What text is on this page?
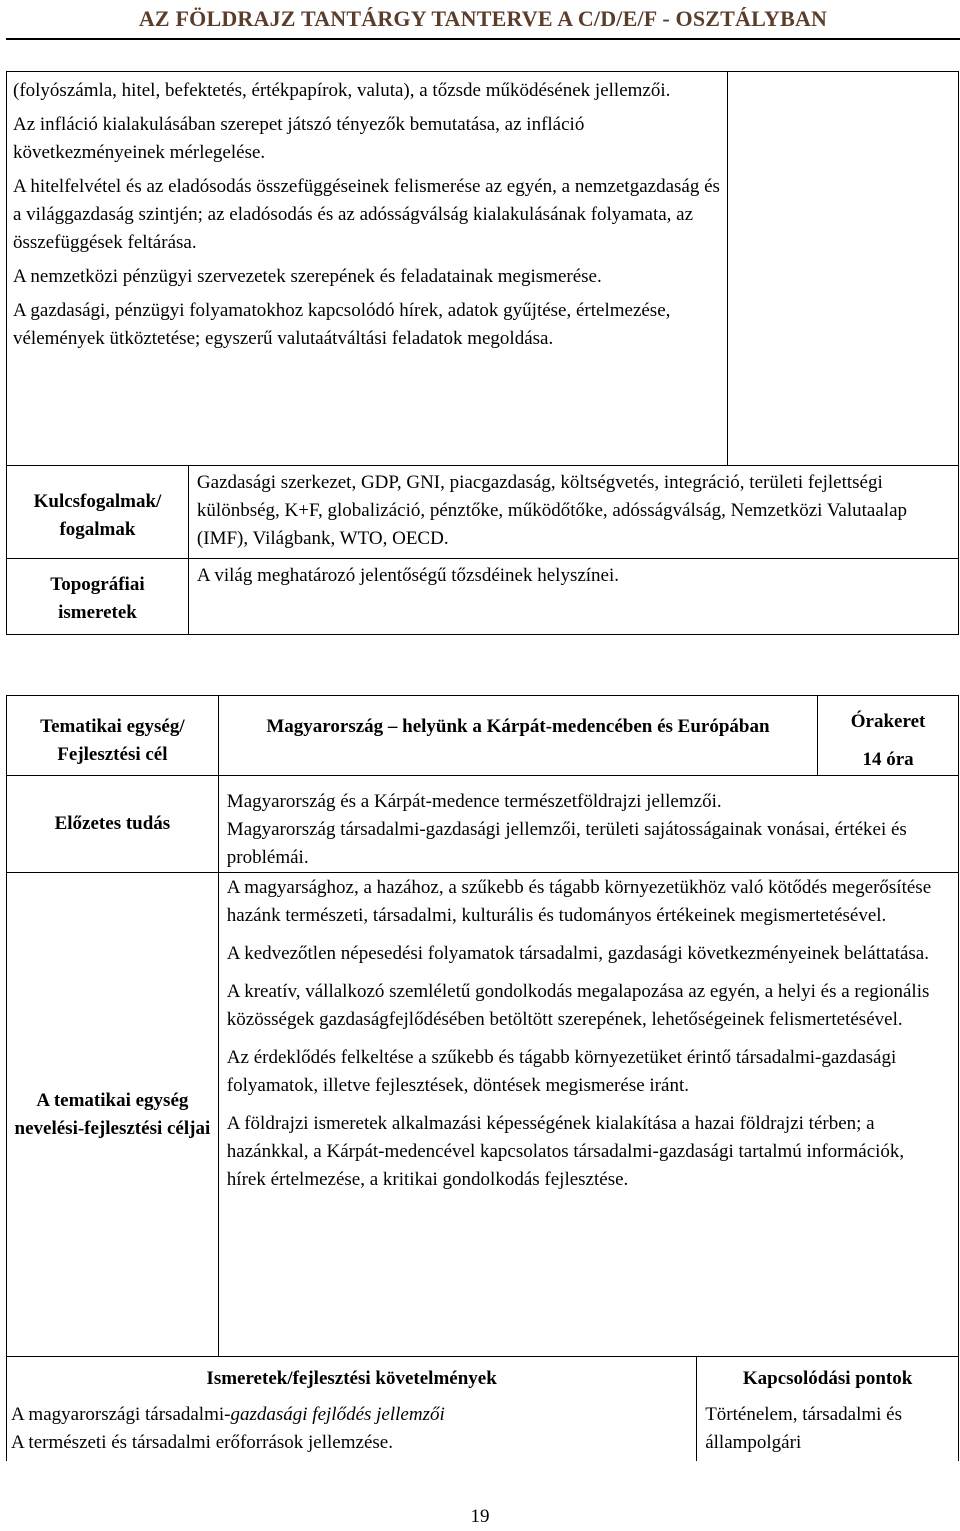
AZ FÖLDRAJZ TANTÁRGY TANTERVE A C/D/E/F - OSZTÁLYBAN

(folyószámla, hitel, befektetés, értékpapírok, valuta), a tőzsde működésének jellemzői.

Az infláció kialakulásában szerepet játszó tényezők bemutatása, az infláció következményeinek mérlegelése.

A hitelfelvétel és az eladósodás összefüggéseinek felismerése az egyén, a nemzetgazdaság és a világgazdaság szintjén; az eladósodás és az adósságválság kialakulásának folyamata, az összefüggések feltárása.

A nemzetközi pénzügyi szervezetek szerepének és feladatainak megismerése.

A gazdasági, pénzügyi folyamatokhoz kapcsolódó hírek, adatok gyűjtése, értelmezése, vélemények ütköztetése; egyszerű valutaátváltási feladatok megoldása.		

Kulcsfogalmak/ fogalmak	Gazdasági szerkezet, GDP, GNI, piacgazdaság, költségvetés, integráció, területi fejlettségi különbség, K+F, globalizáció, pénztőke, működőtőke, adósságválság, Nemzetközi Valutaalap (IMF), Világbank, WTO, OECD.	
Topográfiai ismeretek	A világ meghatározó jelentőségű tőzsdéinek helyszínei.	
Tematikai egység/ Fejlesztési cél	Magyarország – helyünk a Kárpát-medencében és Európában	Órakeret
14 óra

Előzetes tudás	Magyarország és a Kárpát-medence természetföldrajzi jellemzői.
Magyarország társadalmi-gazdasági jellemzői, területi sajátosságainak vonásai, értékei és problémái.	

A tematikai egység nevelési-fejlesztési céljai	A magyarsághoz, a hazához, a szűkebb és tágabb környezetükhöz való kötődés megerősítése hazánk természeti, társadalmi, kulturális és tudományos értékeinek megismertetésével.

A kedvezőtlen népesedési folyamatok társadalmi, gazdasági következményeinek beláttatása.

A kreatív, vállalkozó szemléletű gondolkodás megalapozása az egyén, a helyi és a regionális közösségek gazdaságfejlődésében betöltött szerepének, lehetőségeinek felismertetésével.

Az érdeklődés felkeltése a szűkebb és tágabb környezetüket érintő társadalmi-gazdasági folyamatok, illetve fejlesztések, döntések megismerése iránt.

A földrajzi ismeretek alkalmazási képességének kialakítása a hazai földrajzi térben; a hazánkkal, a Kárpát-medencével kapcsolatos társadalmi-gazdasági tartalmú információk, hírek értelmezése, a kritikai gondolkodás fejlesztése.	

Ismeretek/fejlesztési követelmények	Kapcsolódási pontok

A magyarországi társadalmi-gazdasági fejlődés jellemzői
A természeti és társadalmi erőforrások jellemzése.	Történelem, társadalmi és állampolgári
19
